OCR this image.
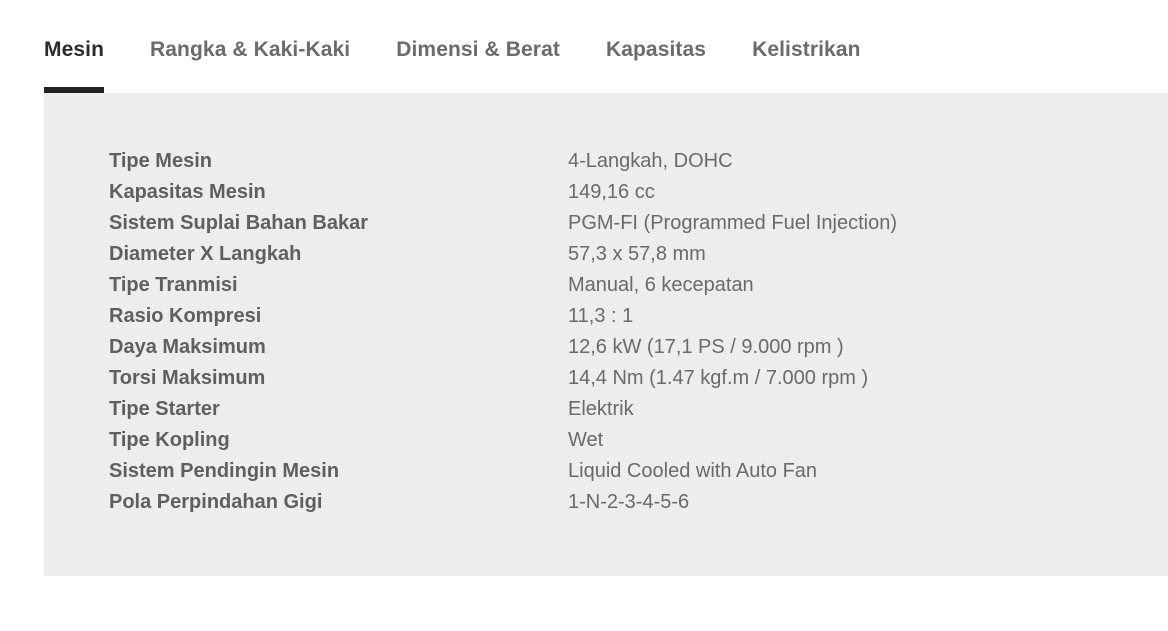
Mesin Rangka & Kaki-Kaki Dimensi & Berat Kapasitas Kelistrikan
Tipe Mesin	4-Langkah, DOHC
Kapasitas Mesin	149,16 cc
Sistem Suplai Bahan Bakar	PGM-FI (Programmed Fuel Injection)
Diameter X Langkah	57,3 x 57,8 mm
Tipe Tranmisi	Manual, 6 kecepatan
Rasio Kompresi	11,3 : 1
Daya Maksimum	12,6 kW (17,1 PS / 9.000 rpm )
Torsi Maksimum	14,4 Nm (1.47 kgf.m / 7.000 rpm )
Tipe Starter	Elektrik
Tipe Kopling	Wet
Sistem Pendingin Mesin	Liquid Cooled with Auto Fan
Pola Perpindahan Gigi	1-N-2-3-4-5-6
